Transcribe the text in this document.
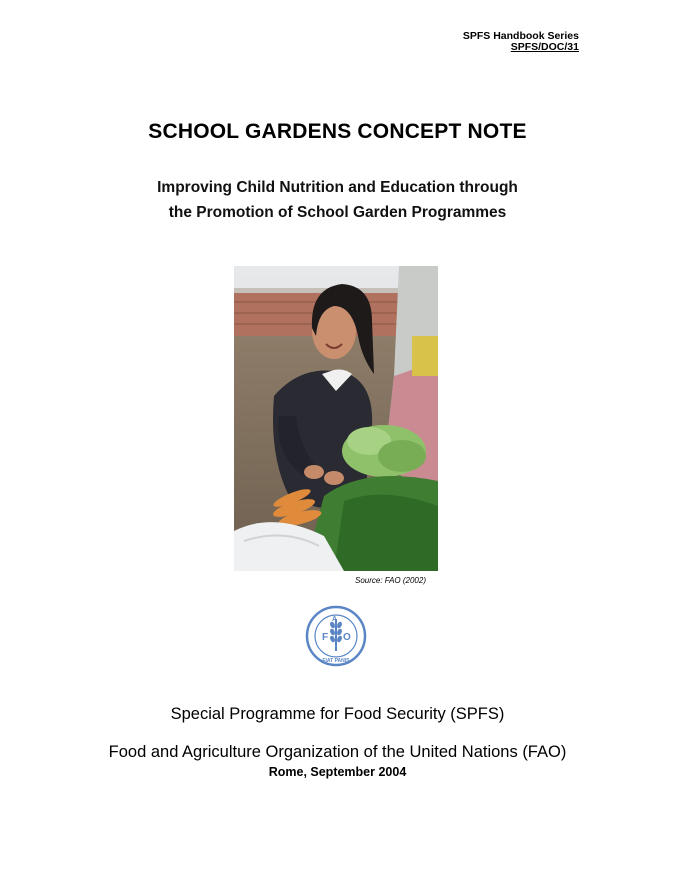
SPFS Handbook Series
SPFS/DOC/31
SCHOOL GARDENS CONCEPT NOTE
Improving Child Nutrition and Education through
the Promotion of School Garden Programmes
Source: FAO (2002)
F
A
O
FIAT PANIS
Special Programme for Food Security (SPFS)
Food and Agriculture Organization of the United Nations (FAO)
Rome, September 2004
